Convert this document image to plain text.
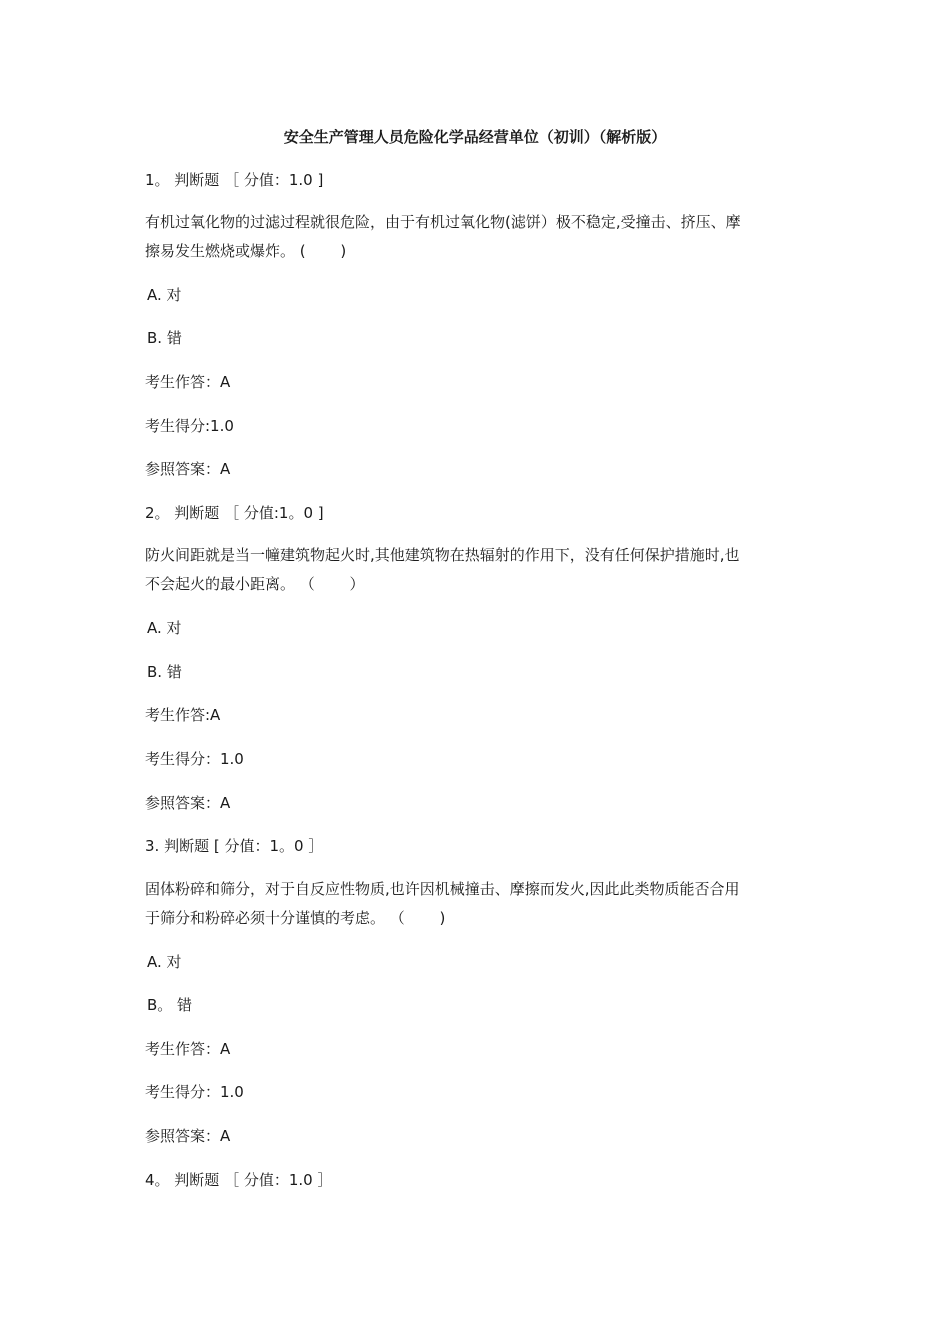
安全生产管理人员危险化学品经营单位（初训）（解析版）
1。 判断题 ［ 分值：1.0 ]
有机过氧化物的过滤过程就很危险，由于有机过氧化物(滤饼）极不稳定,受撞击、挤压、摩
擦易发生燃烧或爆炸。 (　　 )
A. 对
B. 错
考生作答：A
考生得分:1.0
参照答案：A
2。 判断题 ［ 分值:1。0 ]
防火间距就是当一幢建筑物起火时,其他建筑物在热辐射的作用下，没有任何保护措施时,也
不会起火的最小距离。 （　　 ）
A. 对
B. 错
考生作答:A
考生得分：1.0
参照答案：A
3. 判断题 [ 分值：1。0 ］
固体粉碎和筛分，对于自反应性物质,也许因机械撞击、摩擦而发火,因此此类物质能否合用
于筛分和粉碎必须十分谨慎的考虑。 （　　 )
A. 对
B。 错
考生作答：A
考生得分：1.0
参照答案：A
4。 判断题 ［ 分值：1.0 ］
